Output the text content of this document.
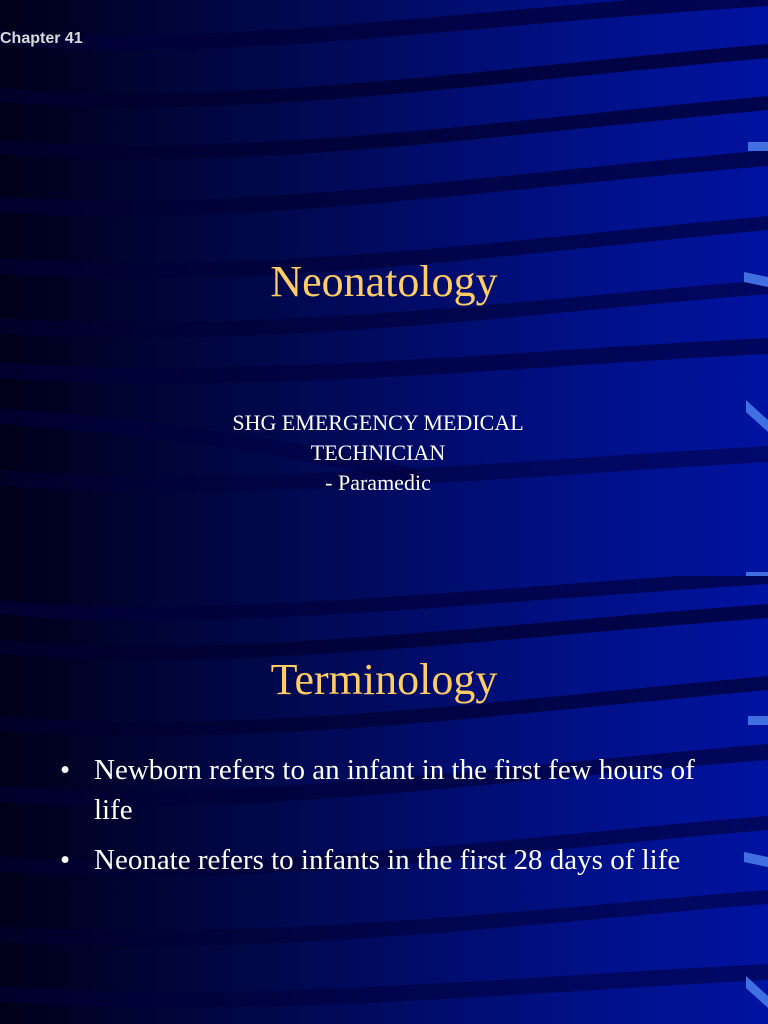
Chapter 41
Neonatology
SHG EMERGENCY MEDICAL
TECHNICIAN
- Paramedic
Terminology
• Newborn refers to an infant in the first few hours of life
• Neonate refers to infants in the first 28 days of life
